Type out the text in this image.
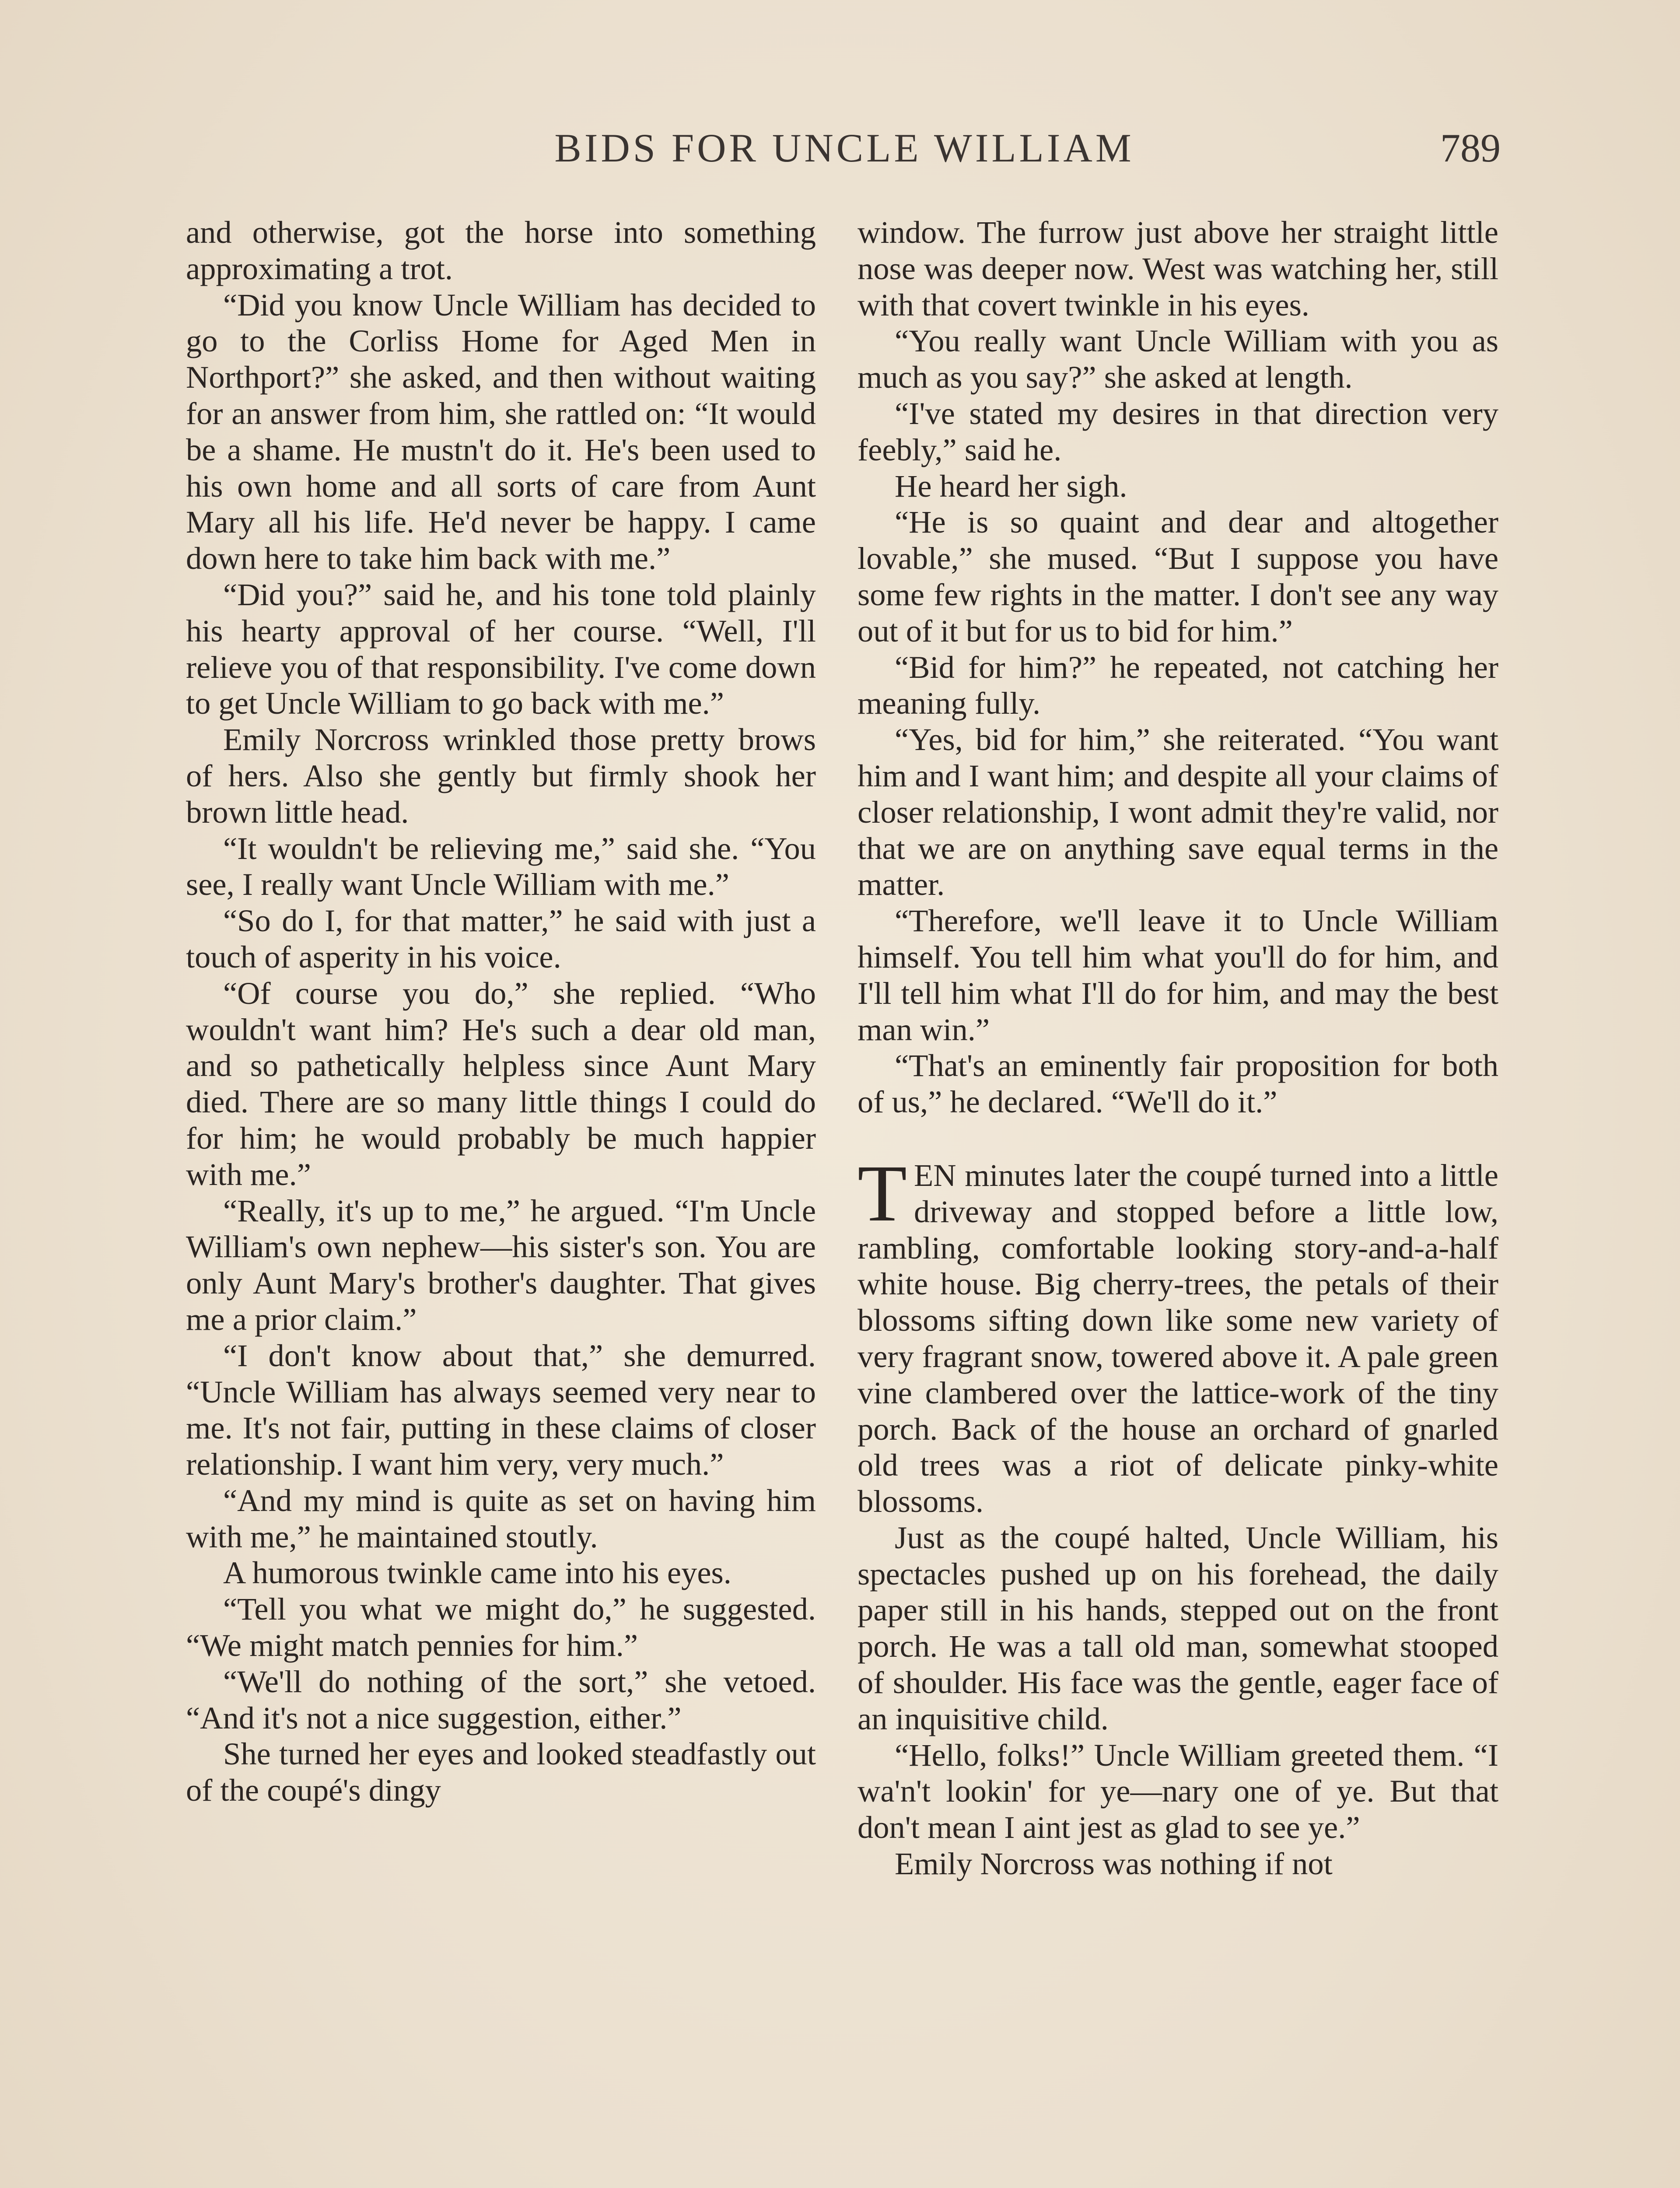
BIDS FOR UNCLE WILLIAM	789

and otherwise, got the horse into something approximating a trot.

“Did you know Uncle William has decided to go to the Corliss Home for Aged Men in Northport?” she asked, and then without waiting for an answer from him, she rattled on: “It would be a shame. He mustn't do it. He's been used to his own home and all sorts of care from Aunt Mary all his life. He'd never be happy. I came down here to take him back with me.”

“Did you?” said he, and his tone told plainly his hearty approval of her course. “Well, I'll relieve you of that responsibility. I've come down to get Uncle William to go back with me.”

Emily Norcross wrinkled those pretty brows of hers. Also she gently but firmly shook her brown little head.

“It wouldn't be relieving me,” said she. “You see, I really want Uncle William with me.”

“So do I, for that matter,” he said with just a touch of asperity in his voice.

“Of course you do,” she replied. “Who wouldn't want him? He's such a dear old man, and so pathetically helpless since Aunt Mary died. There are so many little things I could do for him; he would probably be much happier with me.”

“Really, it's up to me,” he argued. “I'm Uncle William's own nephew—his sister's son. You are only Aunt Mary's brother's daughter. That gives me a prior claim.”

“I don't know about that,” she demurred. “Uncle William has always seemed very near to me. It's not fair, putting in these claims of closer relationship. I want him very, very much.”

“And my mind is quite as set on having him with me,” he maintained stoutly.

A humorous twinkle came into his eyes.

“Tell you what we might do,” he suggested. “We might match pennies for him.”

“We'll do nothing of the sort,” she vetoed. “And it's not a nice suggestion, either.”

She turned her eyes and looked steadfastly out of the coupé's dingy

window. The furrow just above her straight little nose was deeper now. West was watching her, still with that covert twinkle in his eyes.

“You really want Uncle William with you as much as you say?” she asked at length.

“I've stated my desires in that direction very feebly,” said he.

He heard her sigh.

“He is so quaint and dear and altogether lovable,” she mused. “But I suppose you have some few rights in the matter. I don't see any way out of it but for us to bid for him.”

“Bid for him?” he repeated, not catching her meaning fully.

“Yes, bid for him,” she reiterated. “You want him and I want him; and despite all your claims of closer relationship, I wont admit they're valid, nor that we are on anything save equal terms in the matter.

“Therefore, we'll leave it to Uncle William himself. You tell him what you'll do for him, and I'll tell him what I'll do for him, and may the best man win.”

“That's an eminently fair proposition for both of us,” he declared. “We'll do it.”

TEN minutes later the coupé turned into a little driveway and stopped before a little low, rambling, comfortable looking story-and-a-half white house. Big cherry-trees, the petals of their blossoms sifting down like some new variety of very fragrant snow, towered above it. A pale green vine clambered over the lattice-work of the tiny porch. Back of the house an orchard of gnarled old trees was a riot of delicate pinky-white blossoms.

Just as the coupé halted, Uncle William, his spectacles pushed up on his forehead, the daily paper still in his hands, stepped out on the front porch. He was a tall old man, somewhat stooped of shoulder. His face was the gentle, eager face of an inquisitive child.

“Hello, folks!” Uncle William greeted them. “I wa'n't lookin' for ye—nary one of ye. But that don't mean I aint jest as glad to see ye.”

Emily Norcross was nothing if not
